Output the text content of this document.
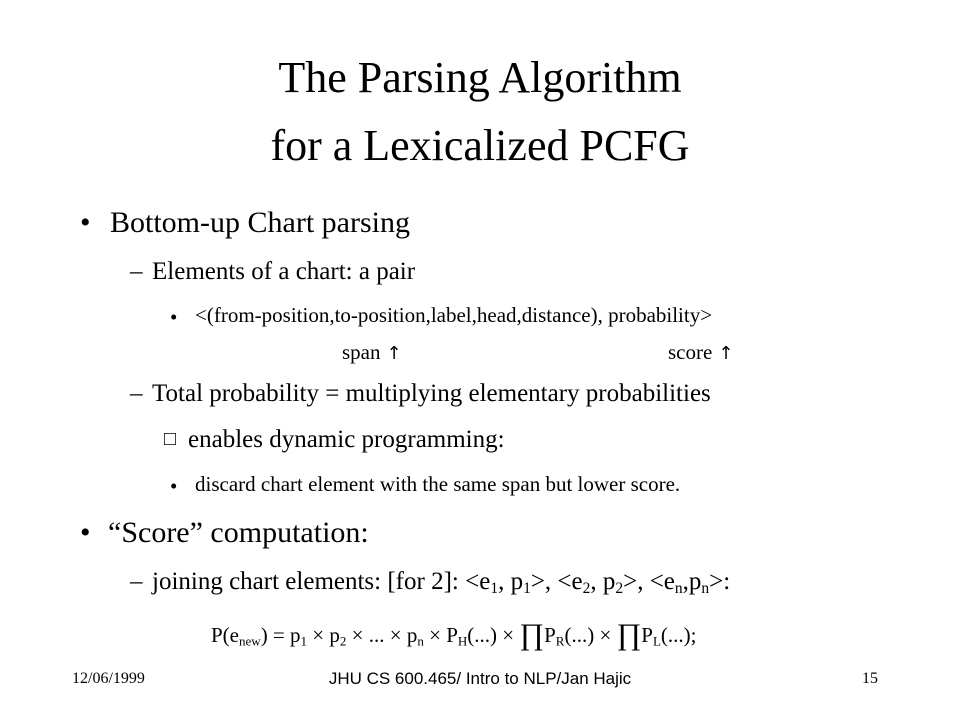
The Parsing Algorithm
for a Lexicalized PCFG
• Bottom-up Chart parsing
– Elements of a chart: a pair
• <(from-position,to-position,label,head,distance), probability>
span ↑	score ↑
– Total probability = multiplying elementary probabilities
□ enables dynamic programming:
• discard chart element with the same span but lower score.
• “Score” computation:
– joining chart elements: [for 2]: $<e_1$, $p_1>$, $<e_2$, $p_2>$, $<e_n,p_n>$:
$P(e_{new}) = p_1 \times p_2$ × ... × $p_n \times P_H(...)$ × $\prod P_R(...)$ × $\prod P_L(...)$;
12/06/1999	JHU CS 600.465/ Intro to NLP/Jan Hajic	15
